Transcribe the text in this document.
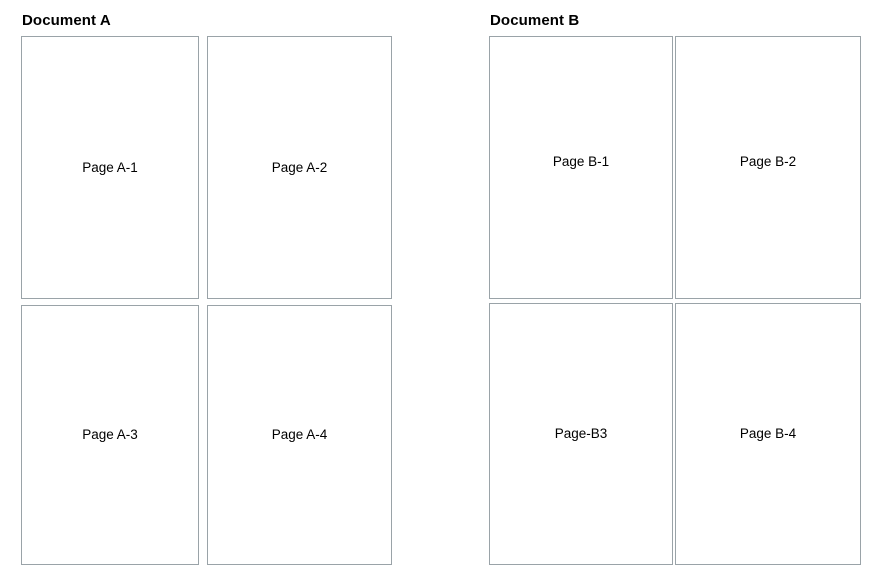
Document A
Page A-1	Page A-2
Page A-3	Page A-4
Document B
Page B-1	Page B-2
Page-B3	Page B-4
